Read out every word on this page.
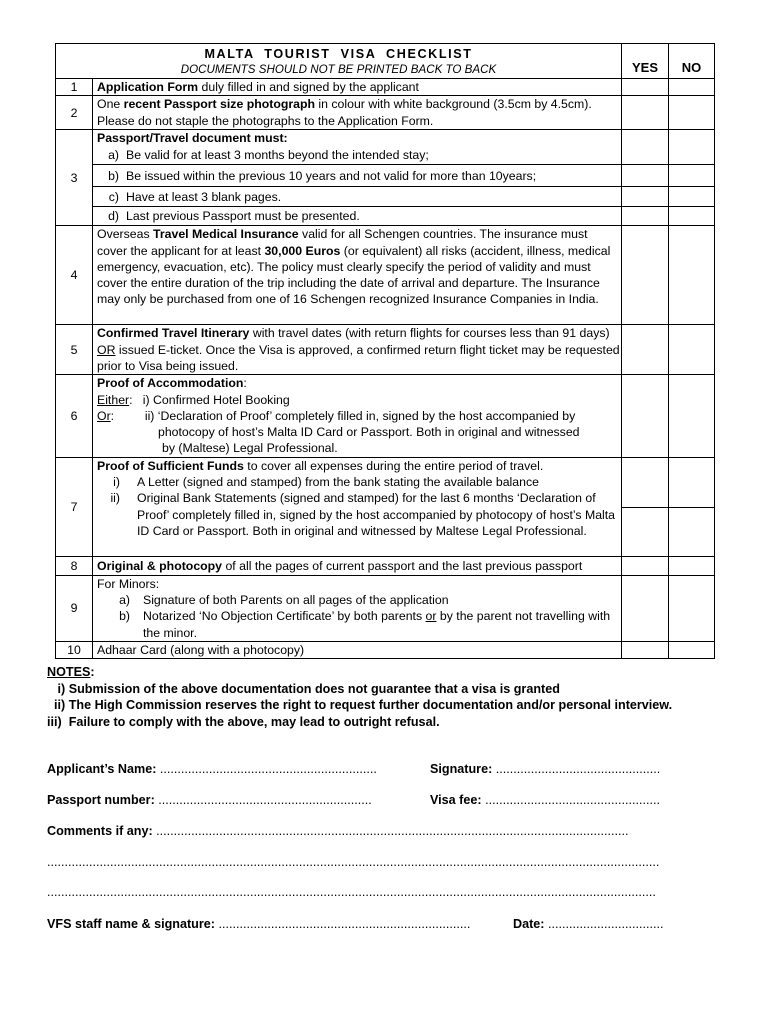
MALTA TOURIST VISA CHECKLIST
DOCUMENTS SHOULD NOT BE PRINTED BACK TO BACK		YES	NO
1	Application Form duly filled in and signed by the applicant		
2	One recent Passport size photograph in colour with white background (3.5cm by 4.5cm).
Please do not staple the photographs to the Application Form.		
3	Passport/Travel document must:
a) Be valid for at least 3 months beyond the intended stay;		
	b) Be issued within the previous 10 years and not valid for more than 10years;		
	c) Have at least 3 blank pages.		
	d) Last previous Passport must be presented.		
4	Overseas Travel Medical Insurance valid for all Schengen countries. The insurance must cover the applicant for at least 30,000 Euros (or equivalent) all risks (accident, illness, medical emergency, evacuation, etc). The policy must clearly specify the period of validity and must cover the entire duration of the trip including the date of arrival and departure. The Insurance may only be purchased from one of 16 Schengen recognized Insurance Companies in India.		
5	Confirmed Travel Itinerary with travel dates (with return flights for courses less than 91 days) OR issued E-ticket. Once the Visa is approved, a confirmed return flight ticket may be requested prior to Visa being issued.		
6	Proof of Accommodation:
Either:   i) Confirmed Hotel Booking
Or:         ii) ‘Declaration of Proof’ completely filled in, signed by the host accompanied by
photocopy of host’s Malta ID Card or Passport. Both in original and witnessed
by (Maltese) Legal Professional.		
7	Proof of Sufficient Funds to cover all expenses during the entire period of travel.
i) A Letter (signed and stamped) from the bank stating the available balance
ii) Original Bank Statements (signed and stamped) for the last 6 months ‘Declaration of Proof’ completely filled in, signed by the host accompanied by photocopy of host’s Malta ID Card or Passport. Both in original and witnessed by Maltese Legal Professional.		

8	Original & photocopy of all the pages of current passport and the last previous passport		
9	For Minors:
a) Signature of both Parents on all pages of the application
b) Notarized ‘No Objection Certificate’ by both parents or by the parent not travelling with the minor.		

10	Adhaar Card (along with a photocopy)		
NOTES:
i) Submission of the above documentation does not guarantee that a visa is granted
ii) The High Commission reserves the right to request further documentation and/or personal interview.
iii)  Failure to comply with the above, may lead to outright refusal.
Applicant’s Name: ..............................................................	Signature: ...............................................
Passport number: .............................................................	Visa fee: ..................................................
Comments if any: .......................................................................................................................................
...............................................................................................................................................................................
..............................................................................................................................................................................
VFS staff name & signature: ........................................................................	Date: .................................
